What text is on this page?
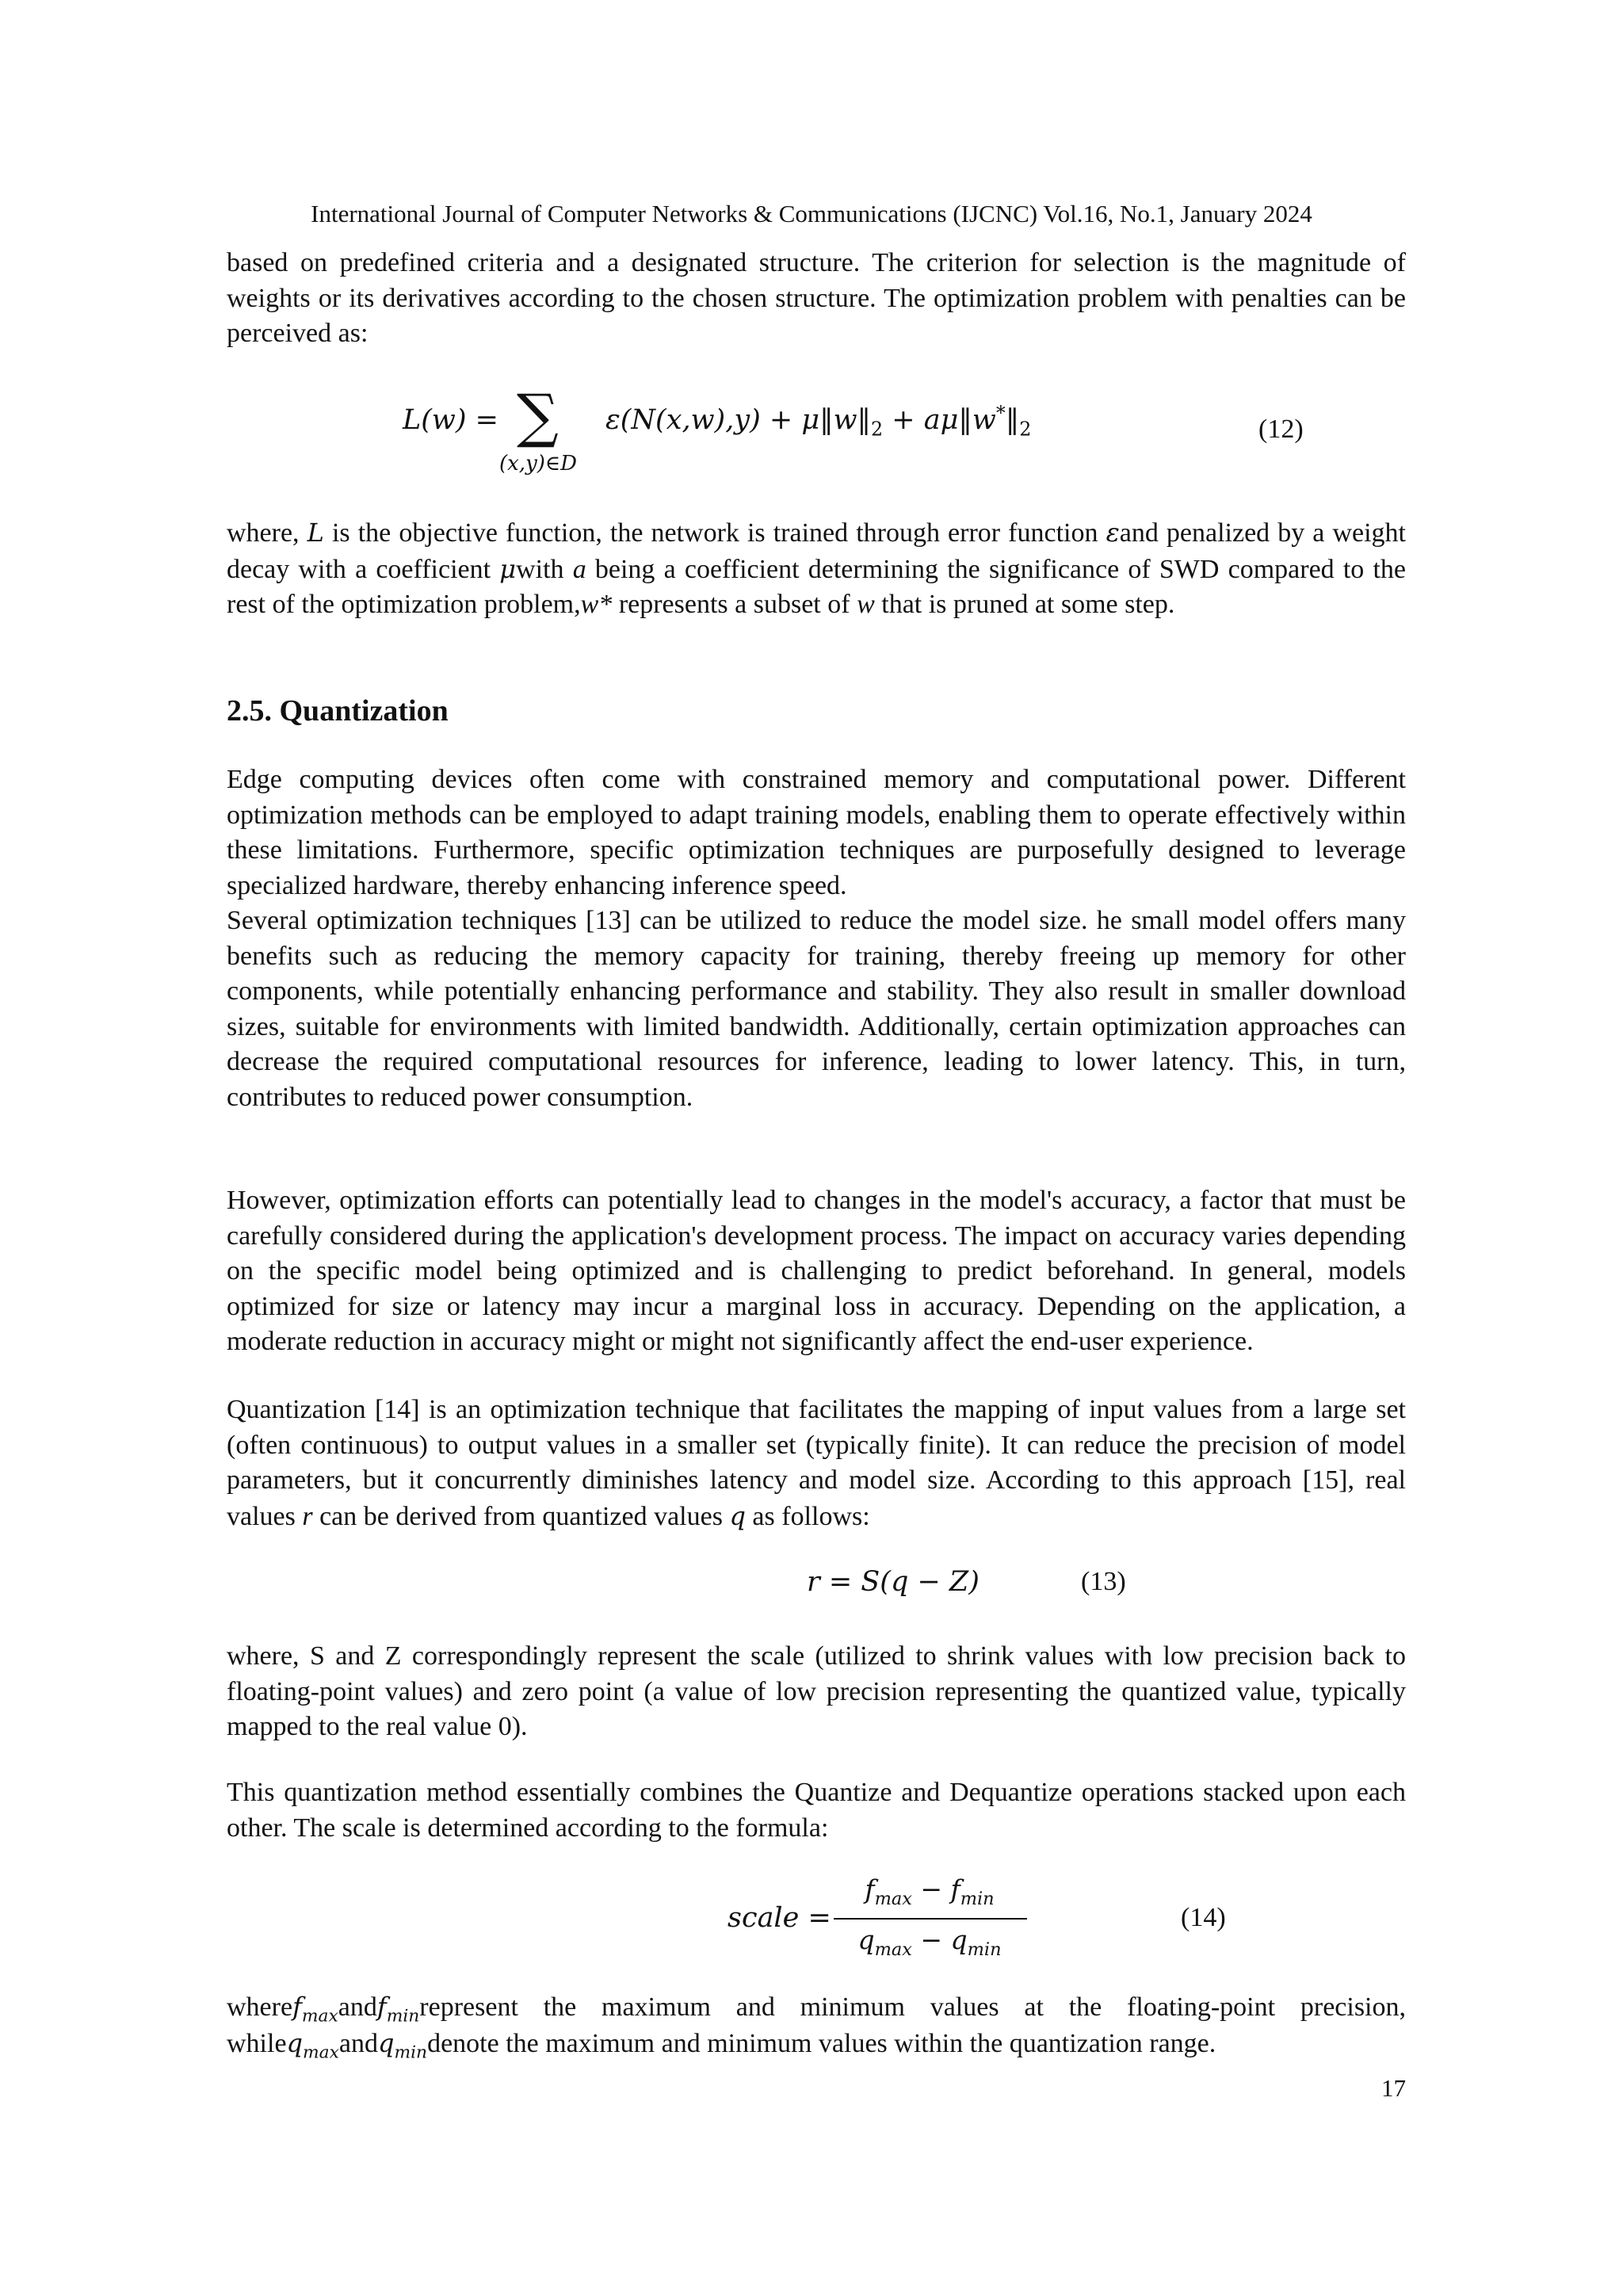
International Journal of Computer Networks & Communications (IJCNC) Vol.16, No.1, January 2024

based on predefined criteria and a designated structure. The criterion for selection is the magnitude of weights or its derivatives according to the chosen structure. The optimization problem with penalties can be perceived as:

L(w) = ∑
(x,y)∈D
$\varepsilon(N(x,w),y) + \mu‖w‖_2$ + $a\mu‖w^*‖_2$	(12)

where, L is the objective function, the network is trained through error function εand penalized by a weight decay with a coefficient μwith a being a coefficient determining the significance of SWD compared to the rest of the optimization problem,w* represents a subset of w that is pruned at some step.

2.5. Quantization

Edge computing devices often come with constrained memory and computational power. Different optimization methods can be employed to adapt training models, enabling them to operate effectively within these limitations. Furthermore, specific optimization techniques are purposefully designed to leverage specialized hardware, thereby enhancing inference speed.

Several optimization techniques [13] can be utilized to reduce the model size. he small model offers many benefits such as reducing the memory capacity for training, thereby freeing up memory for other components, while potentially enhancing performance and stability. They also result in smaller download sizes, suitable for environments with limited bandwidth. Additionally, certain optimization approaches can decrease the required computational resources for inference, leading to lower latency. This, in turn, contributes to reduced power consumption.

However, optimization efforts can potentially lead to changes in the model's accuracy, a factor that must be carefully considered during the application's development process. The impact on accuracy varies depending on the specific model being optimized and is challenging to predict beforehand. In general, models optimized for size or latency may incur a marginal loss in accuracy. Depending on the application, a moderate reduction in accuracy might or might not significantly affect the end-user experience.

Quantization [14] is an optimization technique that facilitates the mapping of input values from a large set (often continuous) to output values in a smaller set (typically finite). It can reduce the precision of model parameters, but it concurrently diminishes latency and model size. According to this approach [15], real values r can be derived from quantized values q as follows:

r = S(q − Z)	(13)

where, S and Z correspondingly represent the scale (utilized to shrink values with low precision back to floating-point values) and zero point (a value of low precision representing the quantized value, typically mapped to the real value 0).

This quantization method essentially combines the Quantize and Dequantize operations stacked upon each other. The scale is determined according to the formula:

scale =
$f_{max} - f_{min}$
$q_{max} - q_{min}$
(14)

wheref$_{max}$andf$_{min}$represent the maximum and minimum values at the floating-point precision, whileq$_{max}$andq$_{min}$denote the maximum and minimum values within the quantization range.

17
